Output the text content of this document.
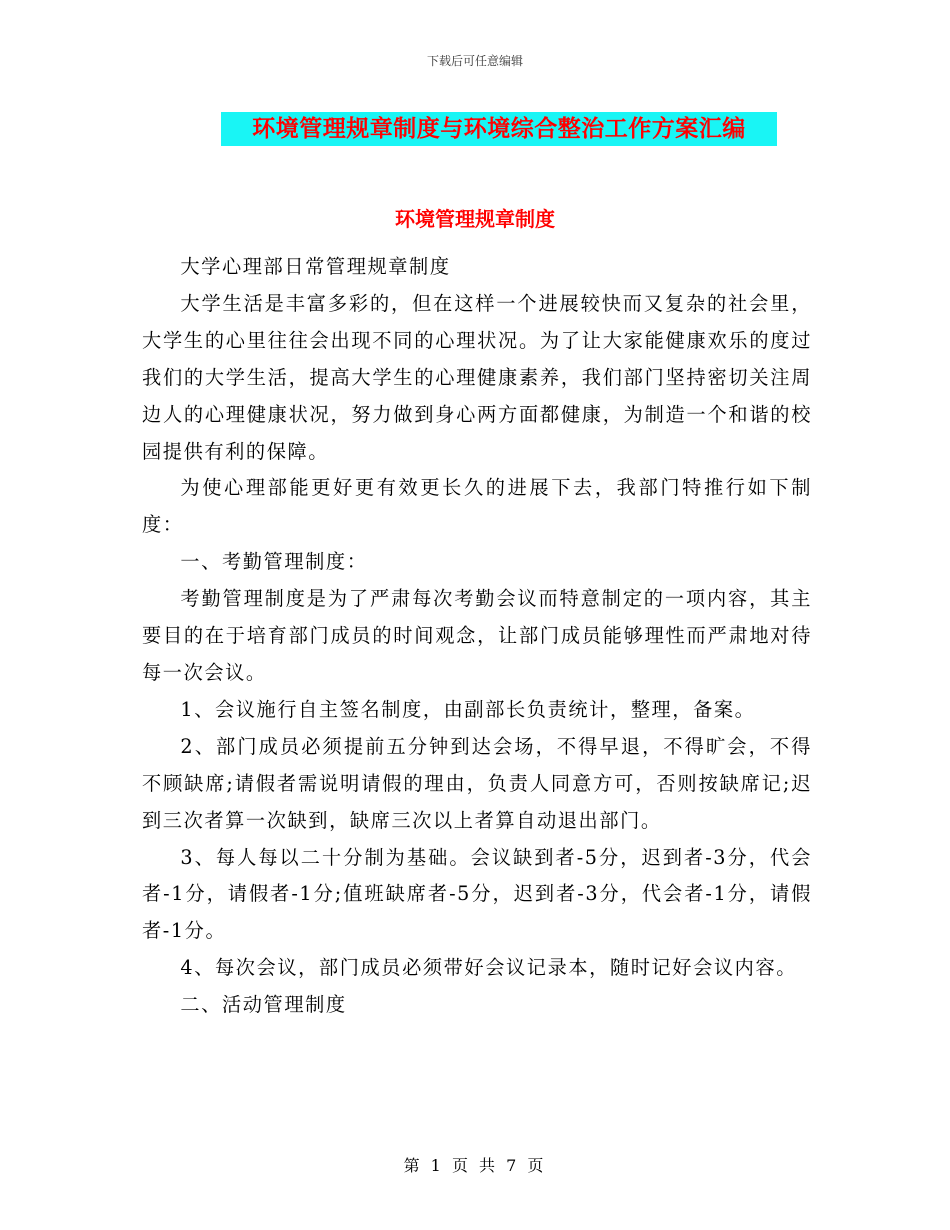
下载后可任意编辑
环境管理规章制度与环境综合整治工作方案汇编
环境管理规章制度

大学心理部日常管理规章制度

大学生活是丰富多彩的，但在这样一个进展较快而又复杂的社会里，大学生的心里往往会出现不同的心理状况。为了让大家能健康欢乐的度过我们的大学生活，提高大学生的心理健康素养，我们部门坚持密切关注周边人的心理健康状况，努力做到身心两方面都健康，为制造一个和谐的校园提供有利的保障。

为使心理部能更好更有效更长久的进展下去，我部门特推行如下制度：

一、考勤管理制度：

考勤管理制度是为了严肃每次考勤会议而特意制定的一项内容，其主要目的在于培育部门成员的时间观念，让部门成员能够理性而严肃地对待每一次会议。

1、会议施行自主签名制度，由副部长负责统计，整理，备案。

2、部门成员必须提前五分钟到达会场，不得早退，不得旷会，不得不顾缺席;请假者需说明请假的理由，负责人同意方可，否则按缺席记;迟到三次者算一次缺到，缺席三次以上者算自动退出部门。

3、每人每以二十分制为基础。会议缺到者-5分，迟到者-3分，代会者-1分，请假者-1分;值班缺席者-5分，迟到者-3分，代会者-1分，请假者-1分。

4、每次会议，部门成员必须带好会议记录本，随时记好会议内容。

二、活动管理制度

第 1 页 共 7 页
